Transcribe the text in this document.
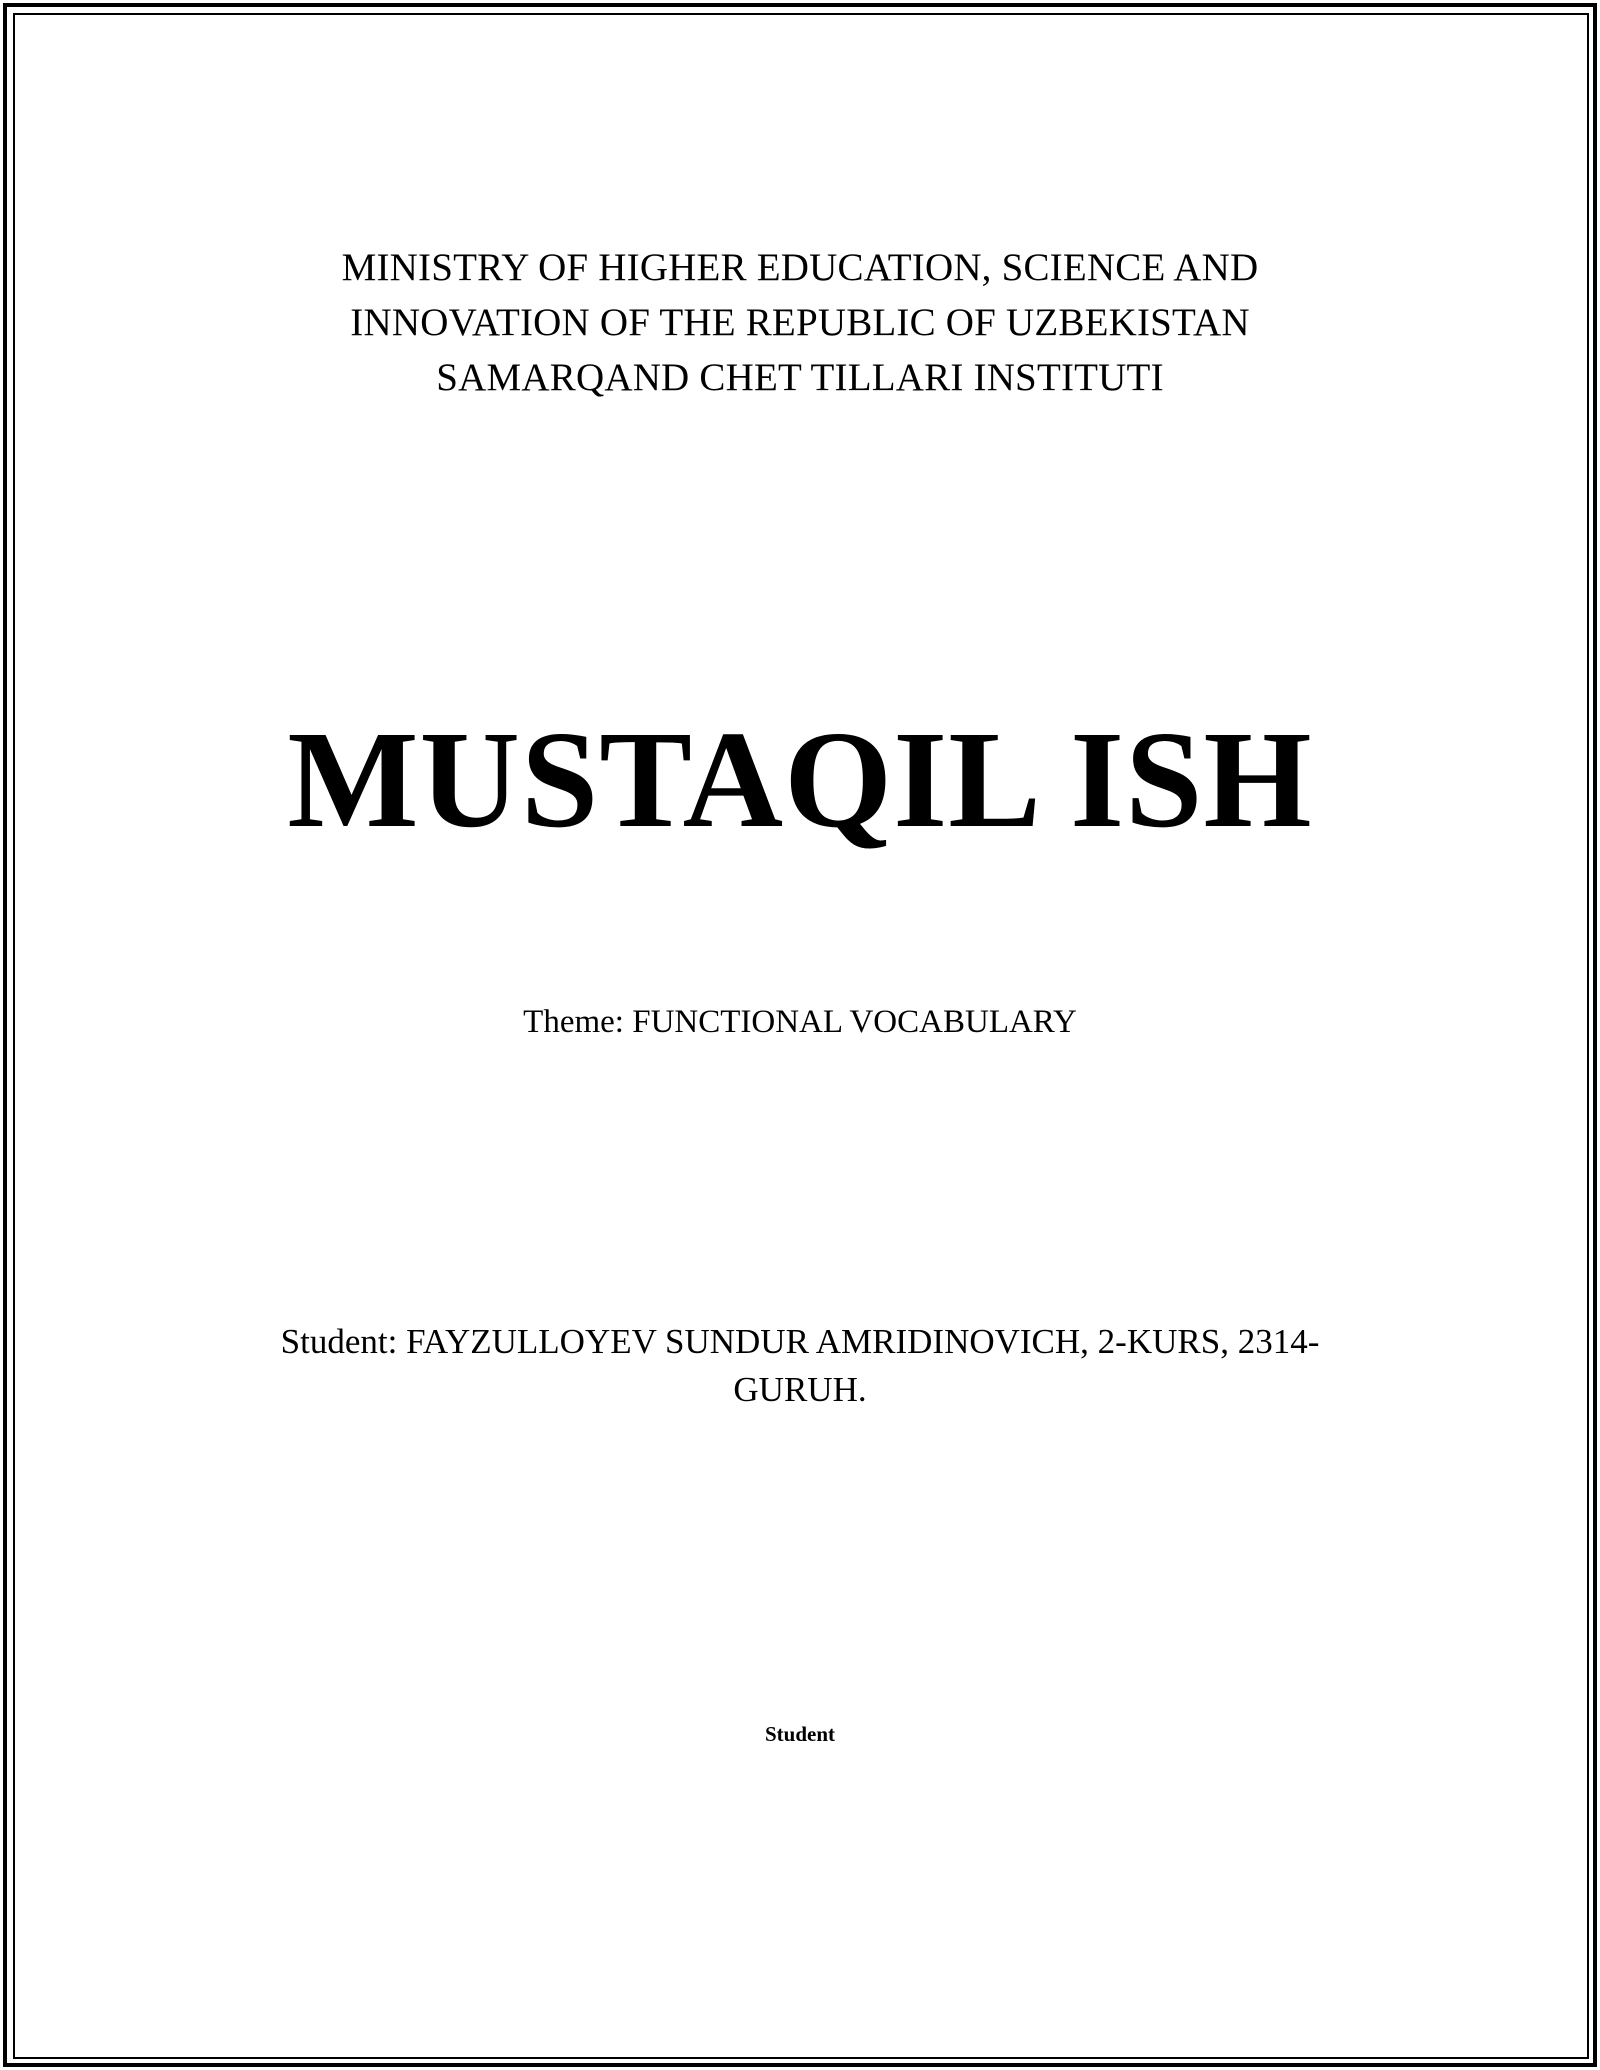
MINISTRY OF HIGHER EDUCATION, SCIENCE AND
INNOVATION OF THE REPUBLIC OF UZBEKISTAN
SAMARQAND CHET TILLARI INSTITUTI
MUSTAQIL ISH
Theme: FUNCTIONAL VOCABULARY
Student: FAYZULLOYEV SUNDUR AMRIDINOVICH, 2-KURS, 2314-
GURUH.
Student
